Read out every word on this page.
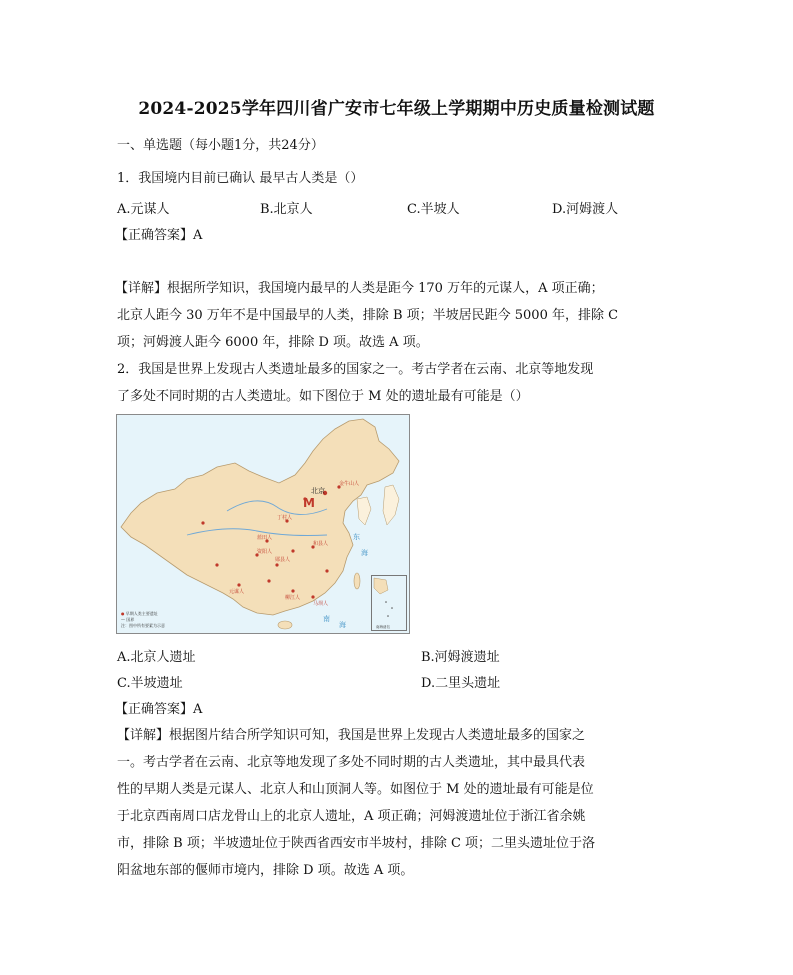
2024-2025学年四川省广安市七年级上学期期中历史质量检测试题
一、单选题（每小题1分，共24分）
1．我国境内目前已确认 最早古人类是（）
A.元谋人	B.北京人	C.半坡人	D.河姆渡人
【正确答案】A
【详解】根据所学知识，我国境内最早的人类是距今 170 万年的元谋人，A 项正确；
北京人距今 30 万年不是中国最早的人类，排除 B 项；半坡居民距今 5000 年，排除 C
项；河姆渡人距今 6000 年，排除 D 项。故选 A 项。
2．我国是世界上发现古人类遗址最多的国家之一。考古学者在云南、北京等地发现
了多处不同时期的古人类遗址。如下图位于 M 处的遗址最有可能是（）
金牛山人
丁村人
蓝田人
郧县人
和县人
元谋人
马坝人
柳江人
资阳人
北京
M
东
海
南
海	南海诸岛
● 早期人类主要遗址
— 国界
注：图中所有要素为示意
A.北京人遗址	B.河姆渡遗址
C.半坡遗址	D.二里头遗址
【正确答案】A
【详解】根据图片结合所学知识可知，我国是世界上发现古人类遗址最多的国家之
一。考古学者在云南、北京等地发现了多处不同时期的古人类遗址，其中最具代表
性的早期人类是元谋人、北京人和山顶洞人等。如图位于 M 处的遗址最有可能是位
于北京西南周口店龙骨山上的北京人遗址，A 项正确；河姆渡遗址位于浙江省余姚
市，排除 B 项；半坡遗址位于陕西省西安市半坡村，排除 C 项；二里头遗址位于洛
阳盆地东部的偃师市境内，排除 D 项。故选 A 项。
